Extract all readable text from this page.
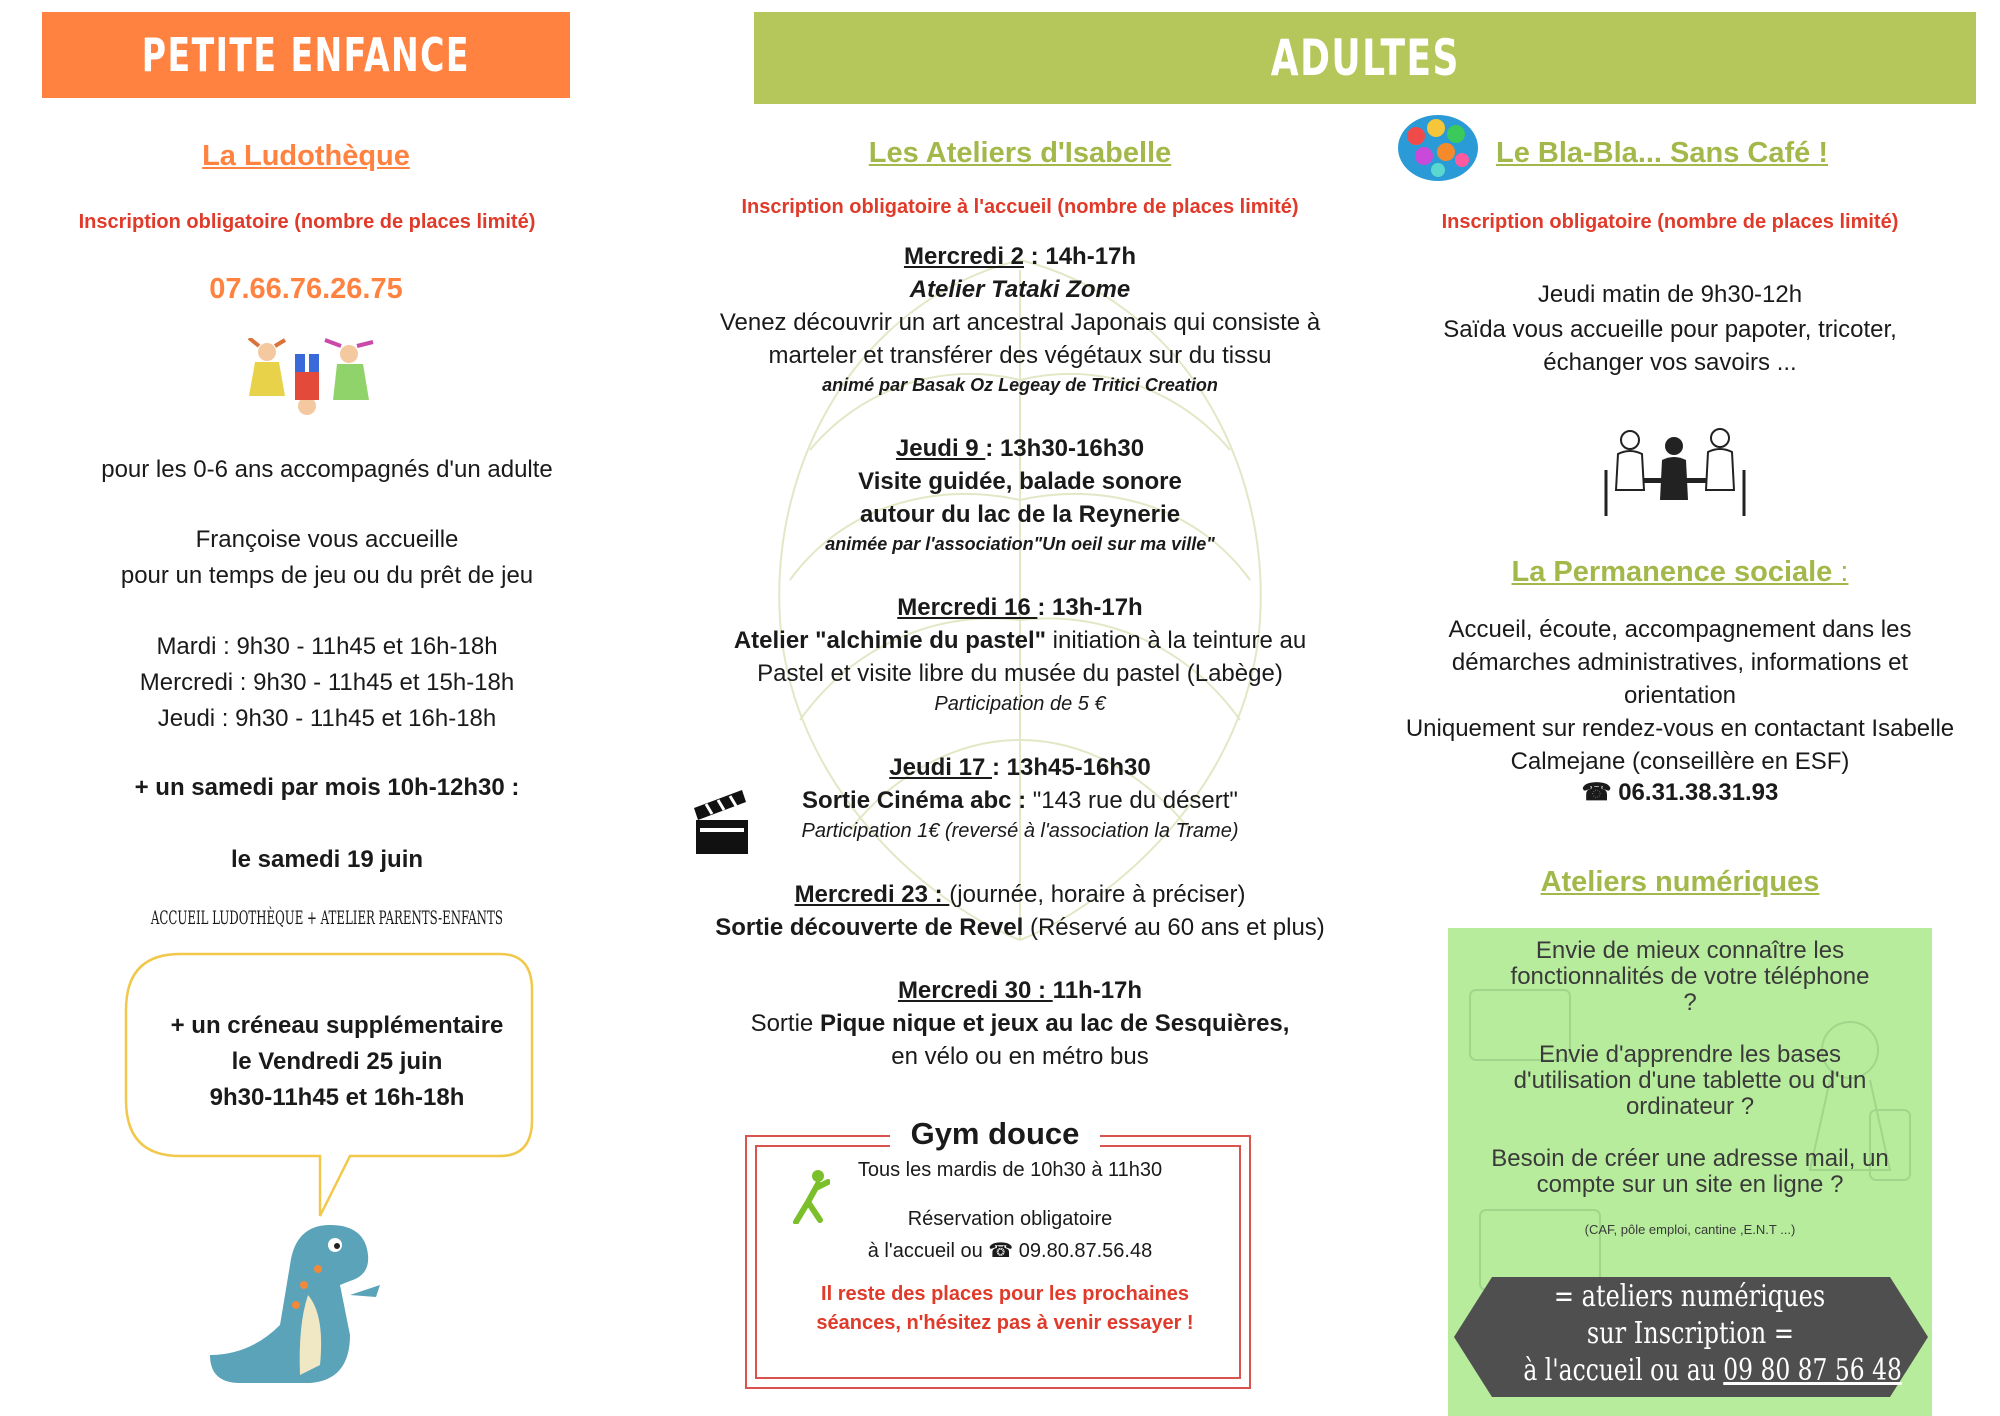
PETITE ENFANCE	ADULTES
La Ludothèque
Inscription obligatoire (nombre de places limité)
07.66.76.26.75
pour les 0-6 ans accompagnés d'un adulte
Françoise vous accueille
pour un temps de jeu ou du prêt de jeu
Mardi : 9h30 - 11h45 et 16h-18h
Mercredi : 9h30 - 11h45 et 15h-18h
Jeudi : 9h30 - 11h45 et 16h-18h
+ un samedi par mois 10h-12h30 :
le samedi 19 juin
ACCUEIL LUDOTHÈQUE + ATELIER PARENTS-ENFANTS
+ un créneau supplémentaire
le Vendredi 25 juin
9h30-11h45 et 16h-18h
Les Ateliers d'Isabelle
Inscription obligatoire à l'accueil (nombre de places limité)
Mercredi 2 : 14h-17h
Atelier Tataki Zome
Venez découvrir un art ancestral Japonais qui consiste à marteler et transférer des végétaux sur du tissu
animé par Basak Oz Legeay de Tritici Creation
Jeudi 9 : 13h30-16h30
Visite guidée, balade sonore
autour du lac de la Reynerie
animée par l'association"Un oeil sur ma ville"
Mercredi 16 : 13h-17h
Atelier "alchimie du pastel" initiation à la teinture au Pastel et visite libre du musée du pastel (Labège)
Participation de 5 €
Jeudi 17 : 13h45-16h30
Sortie Cinéma abc : "143 rue du désert"
Participation 1€ (reversé à l'association la Trame)
Mercredi 23 : (journée, horaire à préciser)
Sortie découverte de Revel (Réservé au 60 ans et plus)
Mercredi 30 : 11h-17h
Sortie Pique nique et jeux au lac de Sesquières,
en vélo ou en métro bus
Gym douce
Tous les mardis de 10h30 à 11h30
Réservation obligatoire
à l'accueil ou ☎ 09.80.87.56.48
Il reste des places pour les prochaines séances, n'hésitez pas à venir essayer !
Le Bla-Bla... Sans Café !
Inscription obligatoire (nombre de places limité)
Jeudi matin de 9h30-12h
Saïda vous accueille pour papoter, tricoter, échanger vos savoirs ...
La Permanence sociale :
Accueil, écoute, accompagnement dans les démarches administratives, informations et orientation
Uniquement sur rendez-vous en contactant Isabelle Calmejane (conseillère en ESF)
☎ 06.31.38.31.93
Ateliers numériques
Envie de mieux connaître les fonctionnalités de votre téléphone ?
Envie d'apprendre les bases d'utilisation d'une tablette ou d'un ordinateur ?
Besoin de créer une adresse mail, un compte sur un site en ligne ?
(CAF, pôle emploi, cantine ,E.N.T ...)
= ateliers numériques
sur Inscription =
à l'accueil ou au 09 80 87 56 48
